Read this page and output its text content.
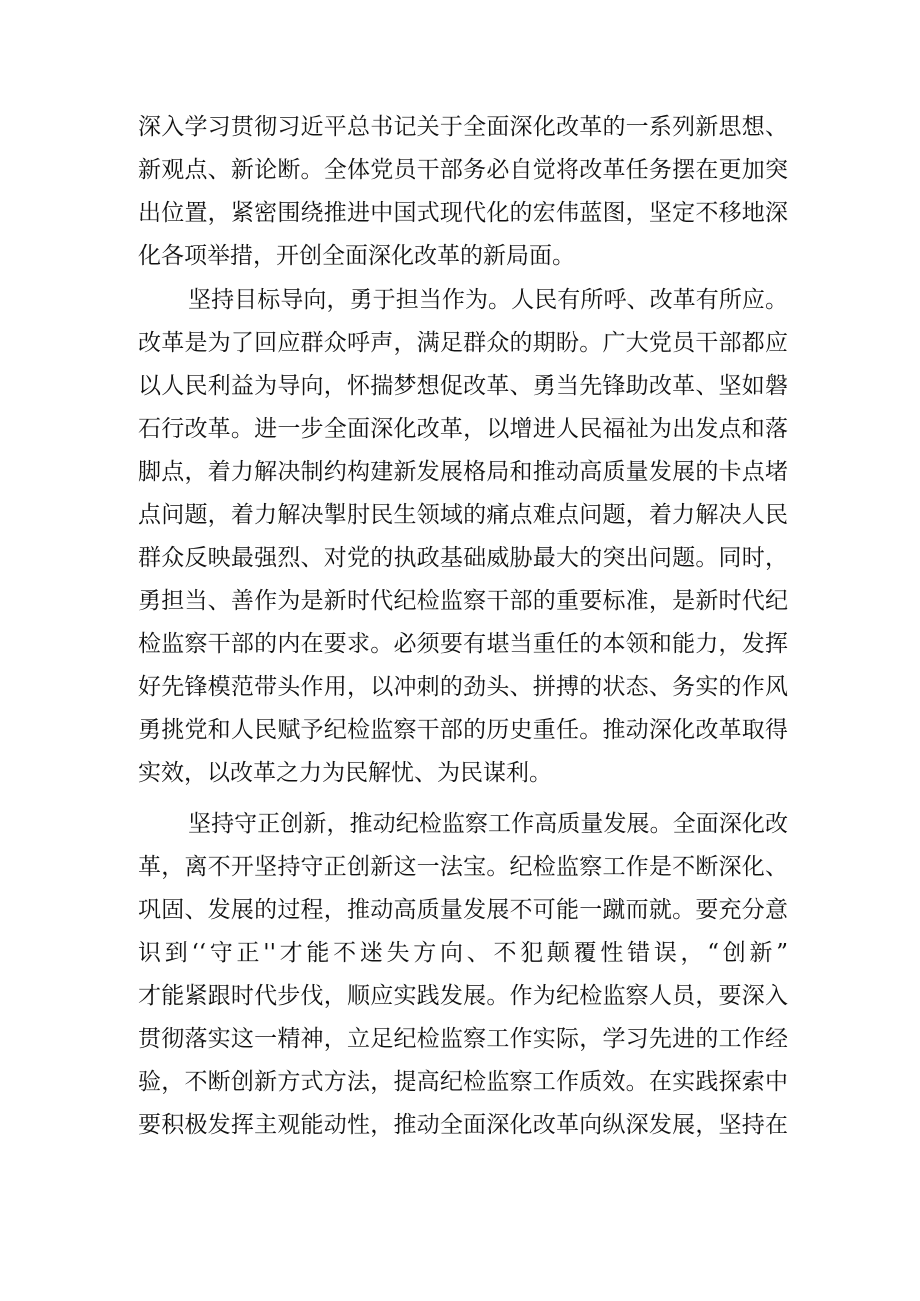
深入学习贯彻习近平总书记关于全面深化改革的一系列新思想、
新观点、新论断。全体党员干部务必自觉将改革任务摆在更加突
出位置，紧密围绕推进中国式现代化的宏伟蓝图，坚定不移地深
化各项举措，开创全面深化改革的新局面。
坚持目标导向，勇于担当作为。人民有所呼、改革有所应。
改革是为了回应群众呼声，满足群众的期盼。广大党员干部都应
以人民利益为导向，怀揣梦想促改革、勇当先锋助改革、坚如磐
石行改革。进一步全面深化改革，以增进人民福祉为出发点和落
脚点，着力解决制约构建新发展格局和推动高质量发展的卡点堵
点问题，着力解决掣肘民生领域的痛点难点问题，着力解决人民
群众反映最强烈、对党的执政基础威胁最大的突出问题。同时，
勇担当、善作为是新时代纪检监察干部的重要标准，是新时代纪
检监察干部的内在要求。必须要有堪当重任的本领和能力，发挥
好先锋模范带头作用，以冲刺的劲头、拼搏的状态、务实的作风
勇挑党和人民赋予纪检监察干部的历史重任。推动深化改革取得
实效，以改革之力为民解忧、为民谋利。
坚持守正创新，推动纪检监察工作高质量发展。全面深化改
革，离不开坚持守正创新这一法宝。纪检监察工作是不断深化、
巩固、发展的过程，推动高质量发展不可能一蹴而就。要充分意
识到‘‘守正''才能不迷失方向、不犯颠覆性错误，“创新”
才能紧跟时代步伐，顺应实践发展。作为纪检监察人员，要深入
贯彻落实这一精神，立足纪检监察工作实际，学习先进的工作经
验，不断创新方式方法，提高纪检监察工作质效。在实践探索中
要积极发挥主观能动性，推动全面深化改革向纵深发展，坚持在
